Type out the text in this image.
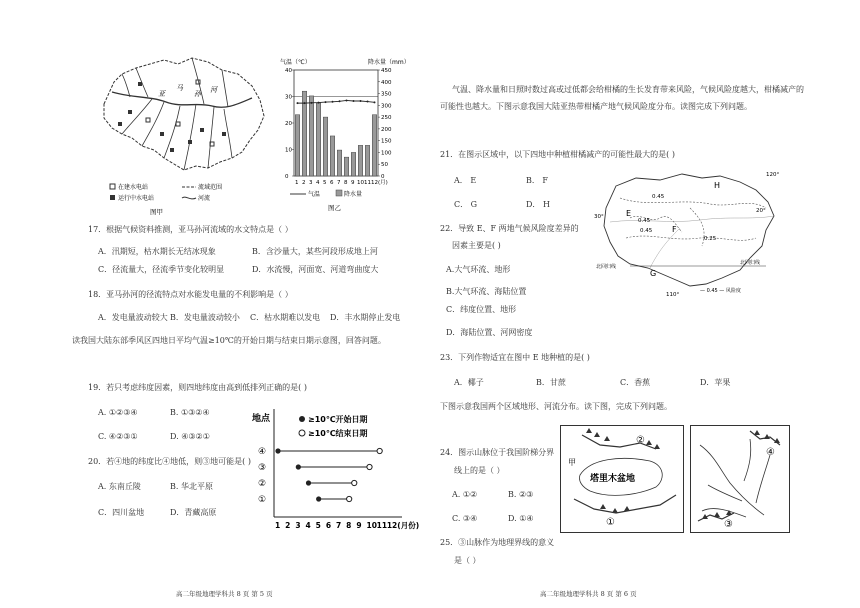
亚
马
孙 河
在建水电站
运行中水电站
流域范围
河流
图甲
气温（℃）	降水量（mm）
0
10
20
30
40
0
50
100
150
200
250
300
350
400
450
1 2 3 4 5 6 7 8 9 10 11 12(月)
气温	降水量
图乙
17．根据气候资料推测，亚马孙河流域的水文特点是（ ）
A．汛期短，枯水期长无结冰现象	B．含沙量大，某些河段形成地上河
C．径流量大，径流季节变化较明显	D．水流慢，河面宽、河道弯曲度大
18．亚马孙河的径流特点对水能发电量的不利影响是（ ）
A．发电量波动较大 B．发电量波动较小 C．枯水期难以发电 D．丰水期停止发电
读我国大陆东部季风区四地日平均气温≥10℃的开始日期与结束日期示意图，回答问题。
19．若只考虑纬度因素，则四地纬度由高到低排列正确的是( )
A. ①②③④	B. ①③②④
C. ④②③①	D. ④③②①
20．若④地的纬度比④地低，则③地可能是( )
A. 东南丘陵	B. 华北平原
C．四川盆地	D．青藏高原
地点	≥10℃开始日期
≥10℃结束日期
④
③
②
①
1 2 3 4 5 6 7 8 9 10 11 12(月份)
高二年级地理学科共 8 页 第 5 页
气温、降水量和日照时数过高或过低都会给柑橘的生长发育带来风险，气候风险度越大，柑橘减产的
可能性也越大。下图示意我国大陆亚热带柑橘产地气候风险度分布。读图完成下列问题。
21．在图示区域中，以下四地中种植柑橘减产的可能性最大的是( )
A． E	B． F
C． G	D． H
22．导致 E、F 两地气候风险度差异的
因素主要是( )
A.大气环流、地形
B.大气环流、海陆位置
C．纬度位置、地形
D．海陆位置、河网密度
H
E
F
G
0.45
0.45
0.45
0.25
30°
110°
120°
20°
北回归线
北回归线
— 0.45 — 风险度
23．下列作物适宜在图中 E 地种植的是( )
A．椰子	B．甘蔗	C．香蕉	D．苹果
下图示意我国两个区域地形、河流分布。读下图，完成下列问题。
24．图示山脉位于我国阶梯分界
线上的是（ ）
A. ①②	B. ②③
C. ③④	D. ①④
25．③山脉作为地理界线的意义
是（ ）
甲
塔里木盆地
②
①
④
③
高二年级地理学科共 8 页 第 6 页
